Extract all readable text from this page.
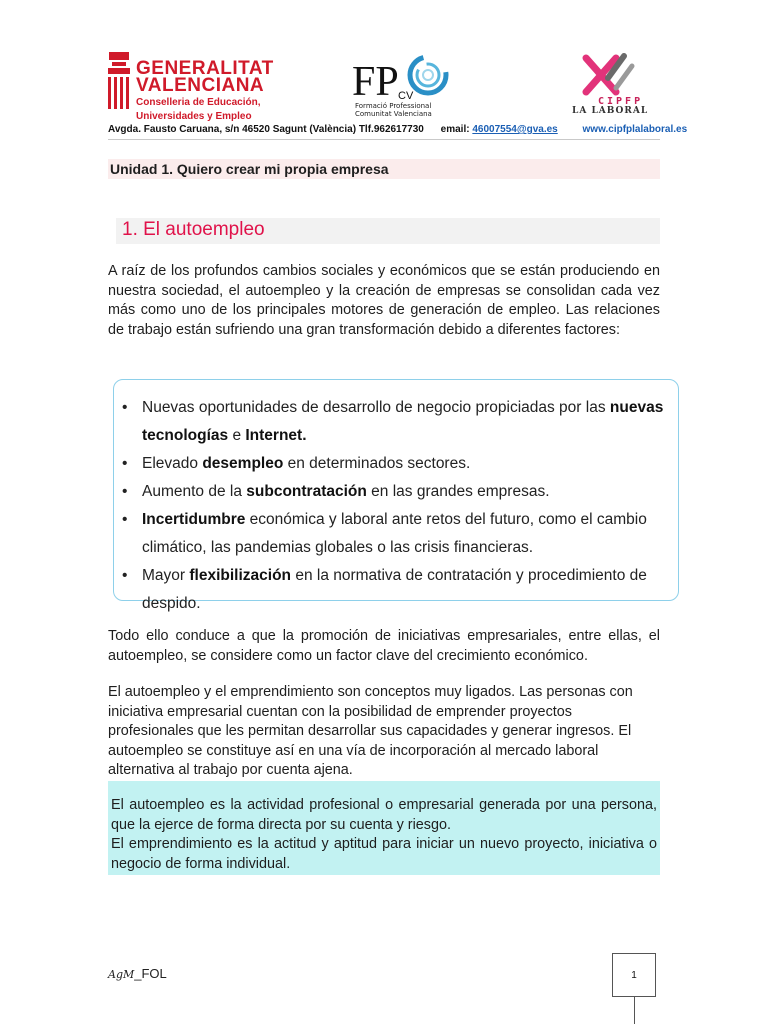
GENERALITAT
VALENCIANA
Conselleria de Educación,
Universidades y Empleo
FP CV
Formació Professional
Comunitat Valenciana
CIPFP
LA LABORAL
Avgda. Fausto Caruana, s/n 46520 Sagunt (València) Tlf.962617730 email: 46007554@gva.es www.cipfplalaboral.es
Unidad 1. Quiero crear mi propia empresa
1. El autoempleo
A raíz de los profundos cambios sociales y económicos que se están produciendo en nuestra sociedad, el autoempleo y la creación de empresas se consolidan cada vez más como uno de los principales motores de generación de empleo. Las relaciones de trabajo están sufriendo una gran transformación debido a diferentes factores:
• Nuevas oportunidades de desarrollo de negocio propiciadas por las nuevas tecnologías e Internet.
• Elevado desempleo en determinados sectores.
• Aumento de la subcontratación en las grandes empresas.
• Incertidumbre económica y laboral ante retos del futuro, como el cambio climático, las pandemias globales o las crisis financieras.
• Mayor flexibilización en la normativa de contratación y procedimiento de despido.
Todo ello conduce a que la promoción de iniciativas empresariales, entre ellas, el autoempleo, se considere como un factor clave del crecimiento económico.
El autoempleo y el emprendimiento son conceptos muy ligados. Las personas con iniciativa empresarial cuentan con la posibilidad de emprender proyectos profesionales que les permitan desarrollar sus capacidades y generar ingresos. El autoempleo se constituye así en una vía de incorporación al mercado laboral alternativa al trabajo por cuenta ajena.
El autoempleo es la actividad profesional o empresarial generada por una persona, que la ejerce de forma directa por su cuenta y riesgo.
El emprendimiento es la actitud y aptitud para iniciar un nuevo proyecto, iniciativa o negocio de forma individual.
AgM_FOL	1
